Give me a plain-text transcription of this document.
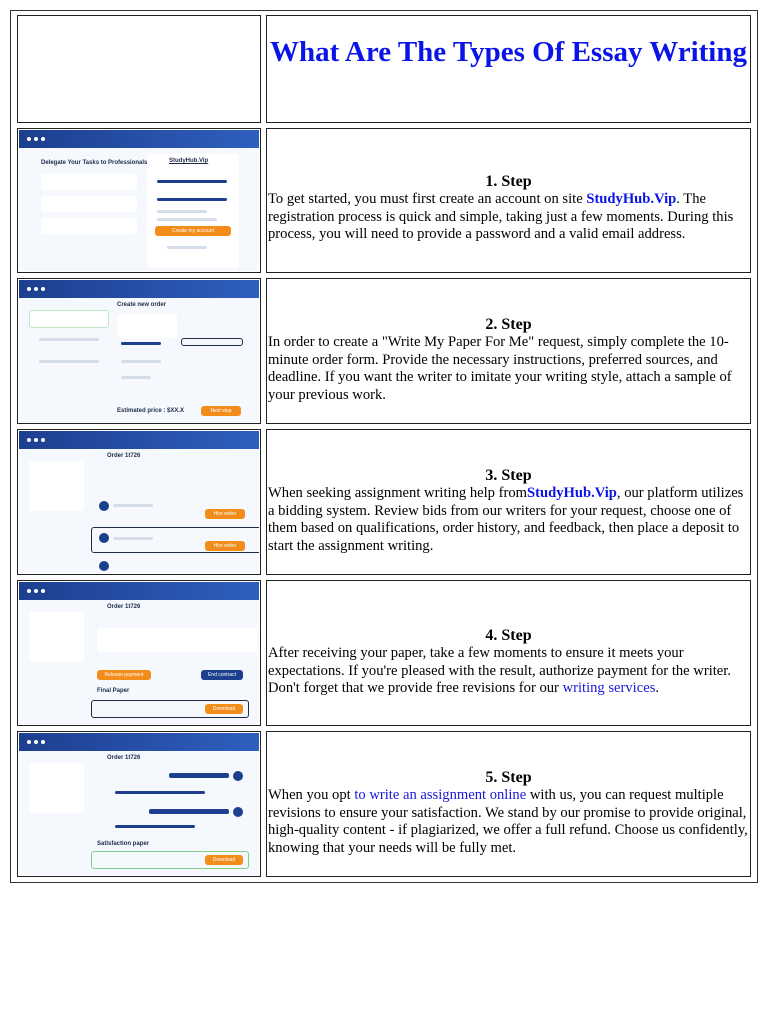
What Are The Types Of Essay Writing
Delegate Your Tasks to Professionals	StudyHub.Vip
Create my account
1. Step
To get started, you must first create an account on site StudyHub.Vip. The registration process is quick and simple, taking just a few moments. During this process, you will need to provide a password and a valid email address.
Create new order
Estimated price : $XX.X	Next step
2. Step
In order to create a "Write My Paper For Me" request, simply complete the 10-minute order form. Provide the necessary instructions, preferred sources, and deadline. If you want the writer to imitate your writing style, attach a sample of your previous work.
Order 1t726
Hire writer
Hire writer
3. Step
When seeking assignment writing help fromStudyHub.Vip, our platform utilizes a bidding system. Review bids from our writers for your request, choose one of them based on qualifications, order history, and feedback, then place a deposit to start the assignment writing.
Order 1t726
Release payment	End contract
Final Paper
Download
4. Step
After receiving your paper, take a few moments to ensure it meets your expectations. If you're pleased with the result, authorize payment for the writer. Don't forget that we provide free revisions for our writing services.
Order 1t726
Satisfaction paper
Download
5. Step
When you opt to write an assignment online with us, you can request multiple revisions to ensure your satisfaction. We stand by our promise to provide original, high-quality content - if plagiarized, we offer a full refund. Choose us confidently, knowing that your needs will be fully met.
